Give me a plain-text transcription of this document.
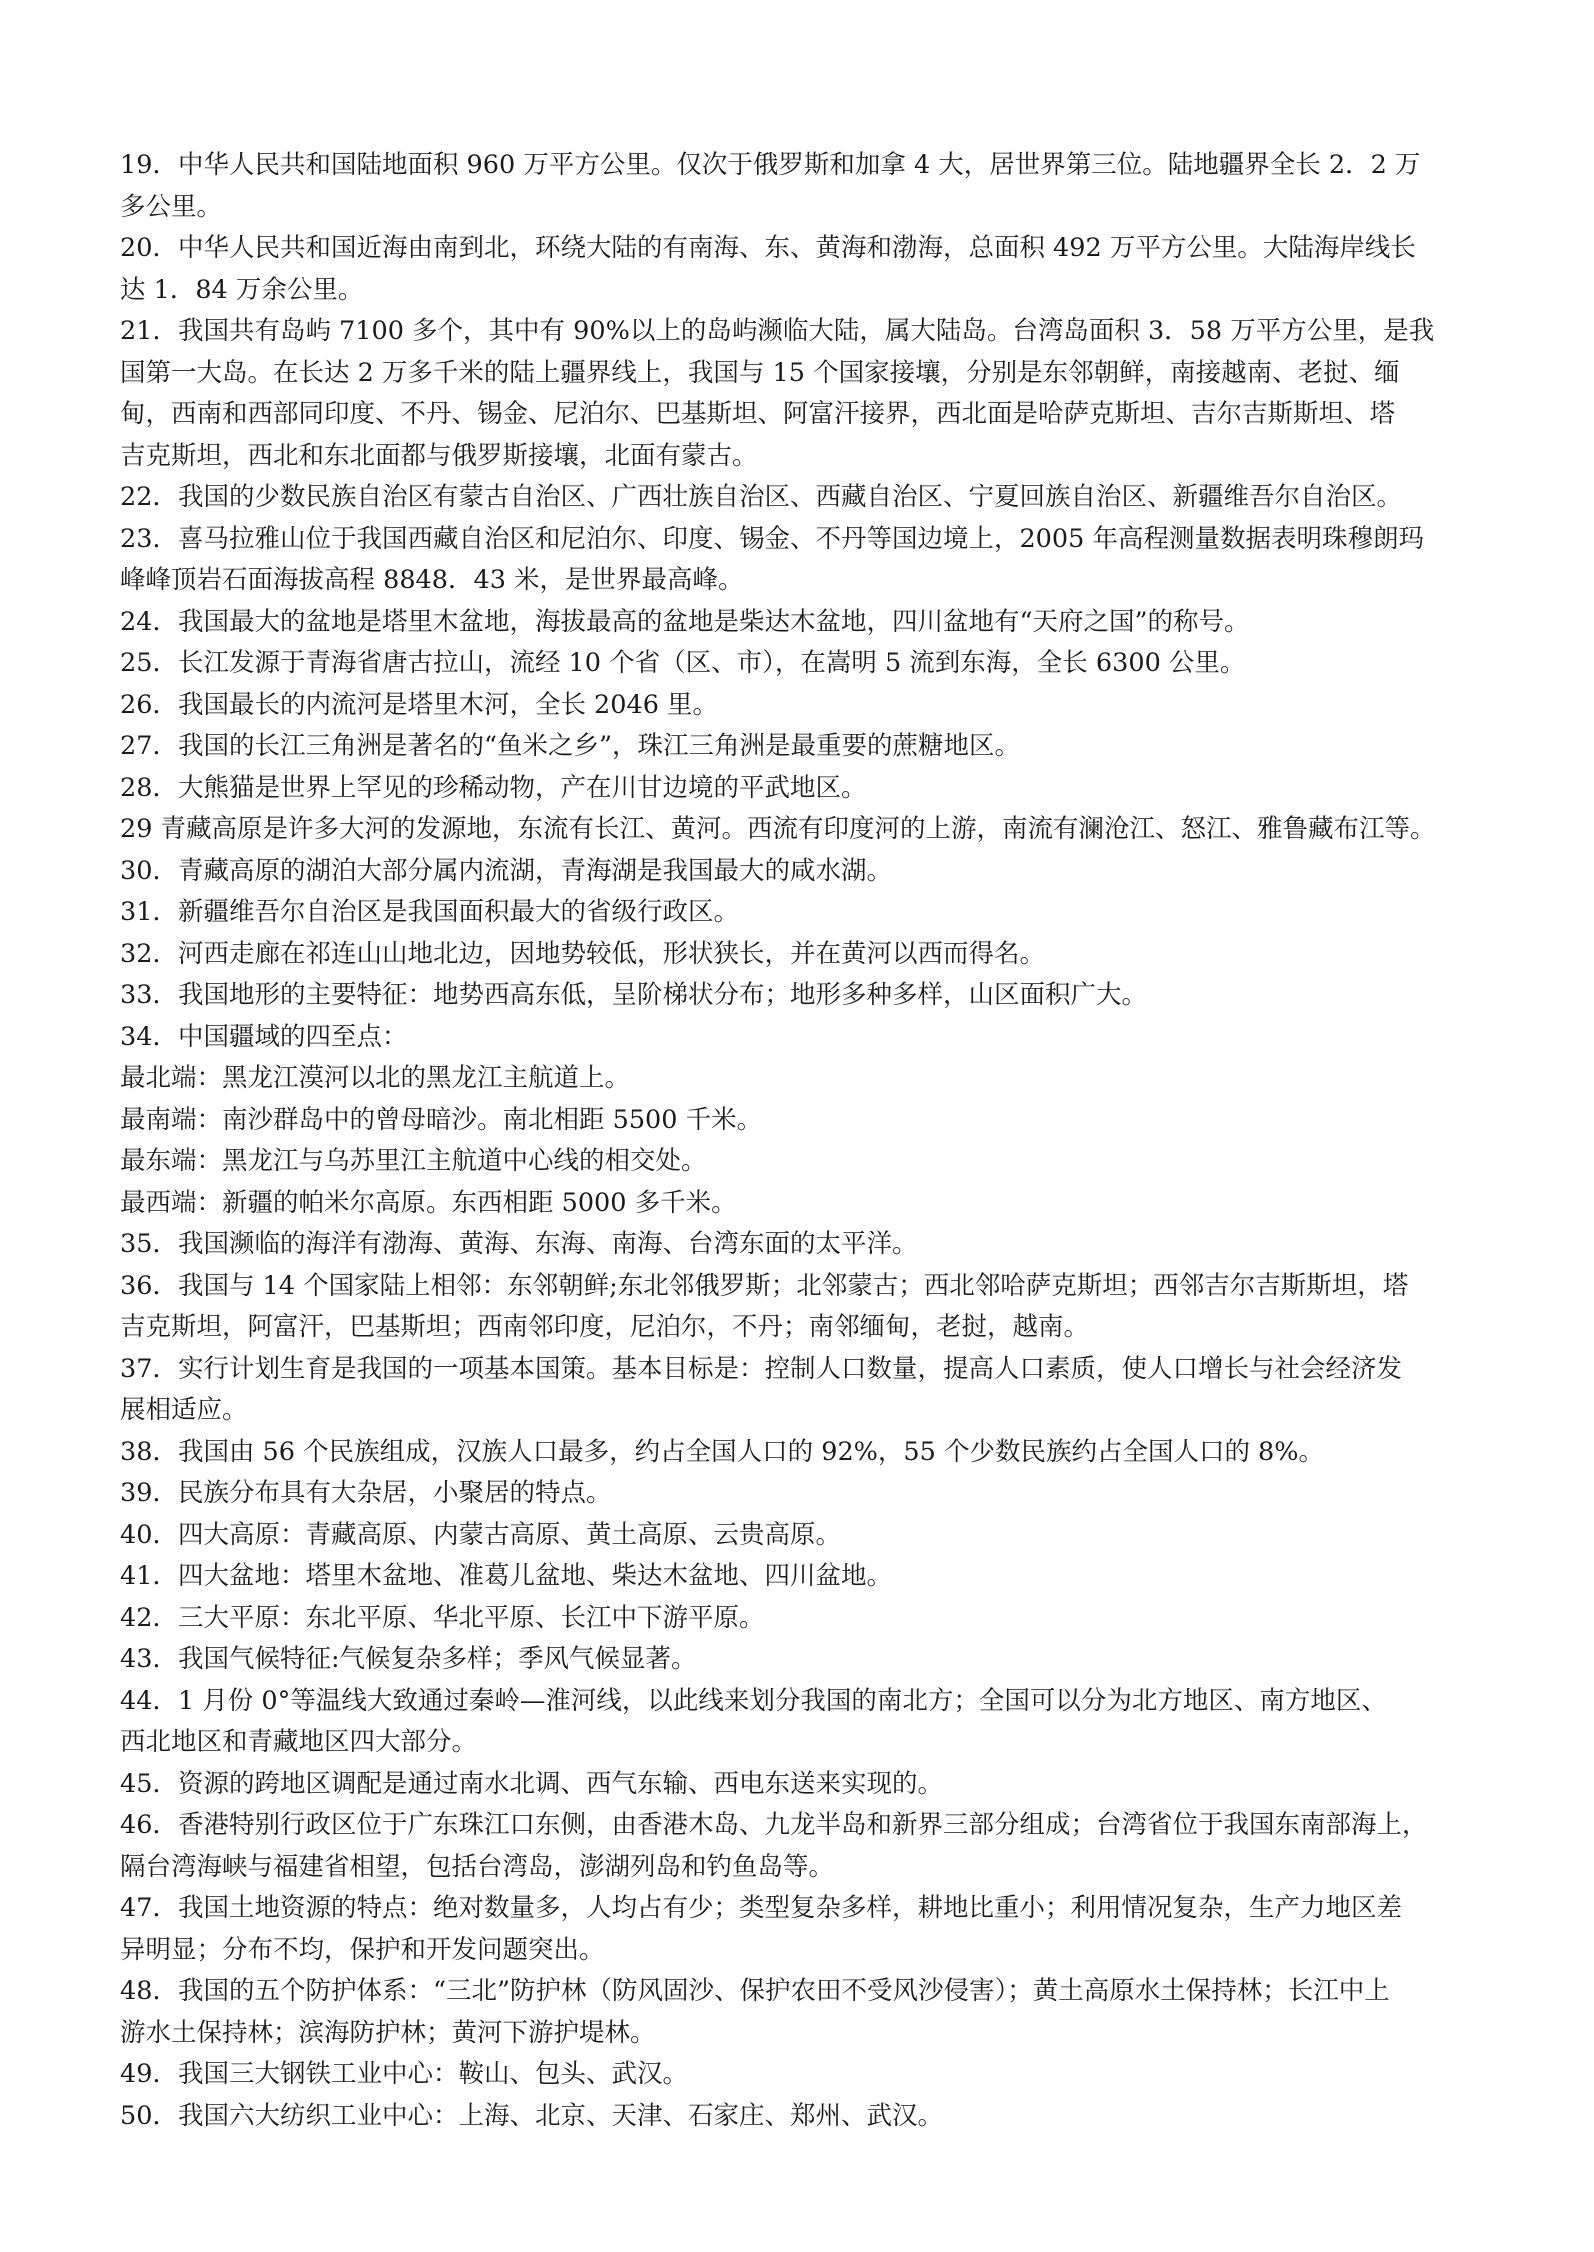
19．中华人民共和国陆地面积 960 万平方公里。仅次于俄罗斯和加拿 4 大，居世界第三位。陆地疆界全长 2．2 万
多公里。
20．中华人民共和国近海由南到北，环绕大陆的有南海、东、黄海和渤海，总面积 492 万平方公里。大陆海岸线长
达 1．84 万余公里。
21．我国共有岛屿 7100 多个，其中有 90%以上的岛屿濒临大陆，属大陆岛。台湾岛面积 3．58 万平方公里，是我
国第一大岛。在长达 2 万多千米的陆上疆界线上，我国与 15 个国家接壤，分别是东邻朝鲜，南接越南、老挝、缅
甸，西南和西部同印度、不丹、锡金、尼泊尔、巴基斯坦、阿富汗接界，西北面是哈萨克斯坦、吉尔吉斯斯坦、塔
吉克斯坦，西北和东北面都与俄罗斯接壤，北面有蒙古。
22．我国的少数民族自治区有蒙古自治区、广西壮族自治区、西藏自治区、宁夏回族自治区、新疆维吾尔自治区。
23．喜马拉雅山位于我国西藏自治区和尼泊尔、印度、锡金、不丹等国边境上，2005 年高程测量数据表明珠穆朗玛
峰峰顶岩石面海拔高程 8848．43 米，是世界最高峰。
24．我国最大的盆地是塔里木盆地，海拔最高的盆地是柴达木盆地，四川盆地有“天府之国”的称号。
25．长江发源于青海省唐古拉山，流经 10 个省（区、市），在嵩明 5 流到东海，全长 6300 公里。
26．我国最长的内流河是塔里木河，全长 2046 里。
27．我国的长江三角洲是著名的“鱼米之乡”，珠江三角洲是最重要的蔗糖地区。
28．大熊猫是世界上罕见的珍稀动物，产在川甘边境的平武地区。
29 青藏高原是许多大河的发源地，东流有长江、黄河。西流有印度河的上游，南流有澜沧江、怒江、雅鲁藏布江等。
30．青藏高原的湖泊大部分属内流湖，青海湖是我国最大的咸水湖。
31．新疆维吾尔自治区是我国面积最大的省级行政区。
32．河西走廊在祁连山山地北边，因地势较低，形状狭长，并在黄河以西而得名。
33．我国地形的主要特征：地势西高东低，呈阶梯状分布；地形多种多样，山区面积广大。
34．中国疆域的四至点：
最北端：黑龙江漠河以北的黑龙江主航道上。
最南端：南沙群岛中的曾母暗沙。南北相距 5500 千米。
最东端：黑龙江与乌苏里江主航道中心线的相交处。
最西端：新疆的帕米尔高原。东西相距 5000 多千米。
35．我国濒临的海洋有渤海、黄海、东海、南海、台湾东面的太平洋。
36．我国与 14 个国家陆上相邻：东邻朝鲜;东北邻俄罗斯；北邻蒙古；西北邻哈萨克斯坦；西邻吉尔吉斯斯坦，塔
吉克斯坦，阿富汗，巴基斯坦；西南邻印度，尼泊尔，不丹；南邻缅甸，老挝，越南。
37．实行计划生育是我国的一项基本国策。基本目标是：控制人口数量，提高人口素质，使人口增长与社会经济发
展相适应。
38．我国由 56 个民族组成，汉族人口最多，约占全国人口的 92%，55 个少数民族约占全国人口的 8%。
39．民族分布具有大杂居，小聚居的特点。
40．四大高原：青藏高原、内蒙古高原、黄土高原、云贵高原。
41．四大盆地：塔里木盆地、准葛儿盆地、柴达木盆地、四川盆地。
42．三大平原：东北平原、华北平原、长江中下游平原。
43．我国气候特征:气候复杂多样；季风气候显著。
44．1 月份 0°等温线大致通过秦岭—淮河线，以此线来划分我国的南北方；全国可以分为北方地区、南方地区、
西北地区和青藏地区四大部分。
45．资源的跨地区调配是通过南水北调、西气东输、西电东送来实现的。
46．香港特别行政区位于广东珠江口东侧，由香港木岛、九龙半岛和新界三部分组成；台湾省位于我国东南部海上，
隔台湾海峡与福建省相望，包括台湾岛，澎湖列岛和钓鱼岛等。
47．我国土地资源的特点：绝对数量多，人均占有少；类型复杂多样，耕地比重小；利用情况复杂，生产力地区差
异明显；分布不均，保护和开发问题突出。
48．我国的五个防护体系：“三北”防护林（防风固沙、保护农田不受风沙侵害）；黄土高原水土保持林；长江中上
游水土保持林；滨海防护林；黄河下游护堤林。
49．我国三大钢铁工业中心：鞍山、包头、武汉。
50．我国六大纺织工业中心：上海、北京、天津、石家庄、郑州、武汉。
